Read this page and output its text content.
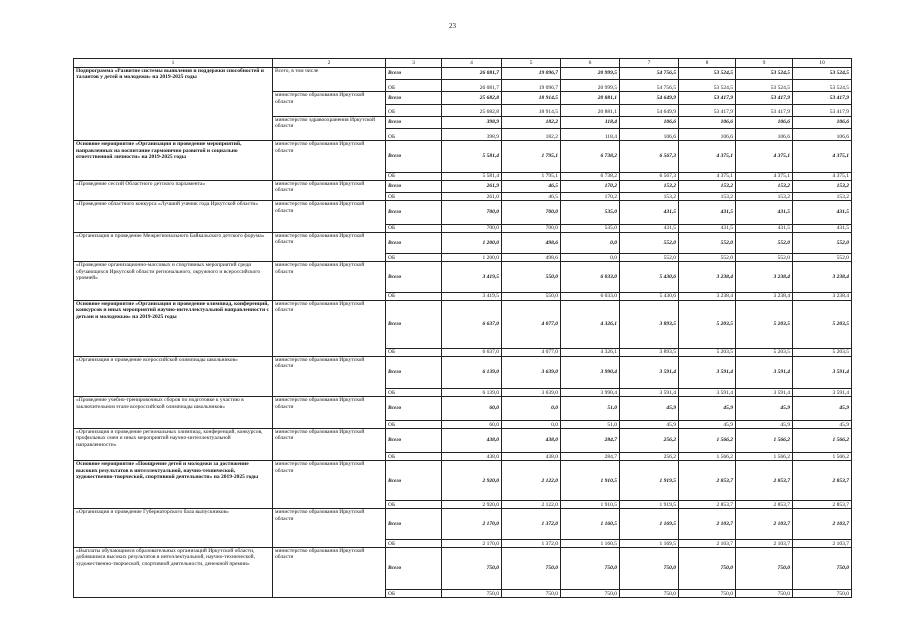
23
1	2	3	4	5	6	7	8	9	10
Подпрограмма «Развитие системы выявления и поддержки способностей и талантов у детей и молодежи» на 2019-2025 годы	Всего, в том числе	Всего	26 081,7	19 096,7	20 999,5	54 756,5	53 524,5	53 524,5	53 524,5
		ОБ	26 081,7	19 096,7	20 999,5	54 756,5	53 524,5	53 524,5	53 524,5
	министерство образования Иркутской области	Всего	25 682,8	18 914,5	20 881,1	54 649,9	53 417,9	53 417,9	53 417,9
		ОБ	25 682,8	18 914,5	20 881,1	54 649,9	53 417,9	53 417,9	53 417,9
	министерство здравоохранения Иркутской области	Всего	398,9	182,2	118,4	106,6	106,6	106,6	106,6
		ОБ	398,9	182,2	118,4	106,6	106,6	106,6	106,6
Основное мероприятие «Организация и проведение мероприятий, направленных на воспитание гармонично развитой и социально ответственной личности» на 2019-2025 годы	министерство образования Иркутской области	Всего	5 581,4	1 795,1	6 738,2	6 567,3	4 375,1	4 375,1	4 375,1
		ОБ	5 581,4	1 795,1	6 738,2	6 567,3	4 375,1	4 375,1	4 375,1
«Проведение сессий Областного детского парламента»	министерство образования Иркутской области	Всего	261,9	46,5	170,2	153,2	153,2	153,2	153,2
		ОБ	261,0	46,5	170,2	153,2	153,2	153,2	153,2
«Проведение областного конкурса «Лучший ученик года Иркутской области»	министерство образования Иркутской области	Всего	700,0	700,0	535,0	431,5	431,5	431,5	431,5
		ОБ	700,0	700,0	535,0	431,5	431,5	431,5	431,5
«Организация и проведение Межрегионального Байкальского детского форума»	министерство образования Иркутской области	Всего	1 200,0	498,6	0,0	552,0	552,0	552,0	552,0
		ОБ	1 200,0	498,6	0,0	552,0	552,0	552,0	552,0
«Проведение организационно-массовых и спортивных мероприятий среди обучающихся Иркутской области регионального, окружного и всероссийского уровней»	министерство образования Иркутской области	Всего	3 419,5	550,0	6 033,0	5 430,6	3 238,4	3 238,4	3 238,4
		ОБ	3 419,5	550,0	6 033,0	5 430,6	3 238,4	3 238,4	3 238,4
Основное мероприятие «Организация и проведение олимпиад, конференций, конкурсов и иных мероприятий научно-интеллектуальной направленности с детьми и молодежью» на 2019-2025 годы	министерство образования Иркутской области	Всего	6 637,0	4 077,0	4 326,1	3 893,5	5 203,5	5 203,5	5 203,5
		ОБ	6 637,0	4 077,0	4 326,1	3 893,5	5 203,5	5 203,5	5 203,5
«Организация и проведение всероссийской олимпиады школьников»	министерство образования Иркутской области	Всего	6 139,0	3 639,0	3 990,4	3 591,4	3 591,4	3 591,4	3 591,4
		ОБ	6 139,0	3 639,0	3 990,4	3 591,4	3 591,4	3 591,4	3 591,4
«Проведение учебно-тренировочных сборов по подготовке к участию в заключительном этапе всероссийской олимпиады школьников»	министерство образования Иркутской области	Всего	60,0	0,0	51,0	45,9	45,9	45,9	45,9
		ОБ	60,0	0,0	51,0	45,9	45,9	45,9	45,9
«Организация и проведение региональных олимпиад, конференций, конкурсов, профильных смен и иных мероприятий научно-интеллектуальной направленности»	министерство образования Иркутской области	Всего	438,0	438,0	284,7	256,2	1 566,2	1 566,2	1 566,2
		ОБ	438,0	438,0	284,7	256,2	1 566,2	1 566,2	1 566,2
Основное мероприятие «Поощрение детей и молодежи за достижение высоких результатов в интеллектуальной, научно-технической, художественно-творческой, спортивной деятельности» на 2019-2025 годы	министерство образования Иркутской области	Всего	2 920,0	2 122,0	1 910,5	1 919,5	2 853,7	2 853,7	2 853,7
		ОБ	2 920,0	2 122,0	1 910,5	1 919,5	2 853,7	2 853,7	2 853,7
«Организация и проведение Губернаторского бала выпускников»	министерство образования Иркутской области	Всего	2 170,0	1 372,0	1 160,5	1 169,5	2 103,7	2 103,7	2 103,7
		ОБ	2 170,0	1 372,0	1 160,5	1 169,5	2 103,7	2 103,7	2 103,7
«Выплаты обучающимся образовательных организаций Иркутской области, добившимся высоких результатов в интеллектуальной, научно-технической, художественно-творческой, спортивной деятельности, денежной премии»	министерство образования Иркутской области	Всего	750,0	750,0	750,0	750,0	750,0	750,0	750,0
		ОБ	750,0	750,0	750,0	750,0	750,0	750,0	750,0
